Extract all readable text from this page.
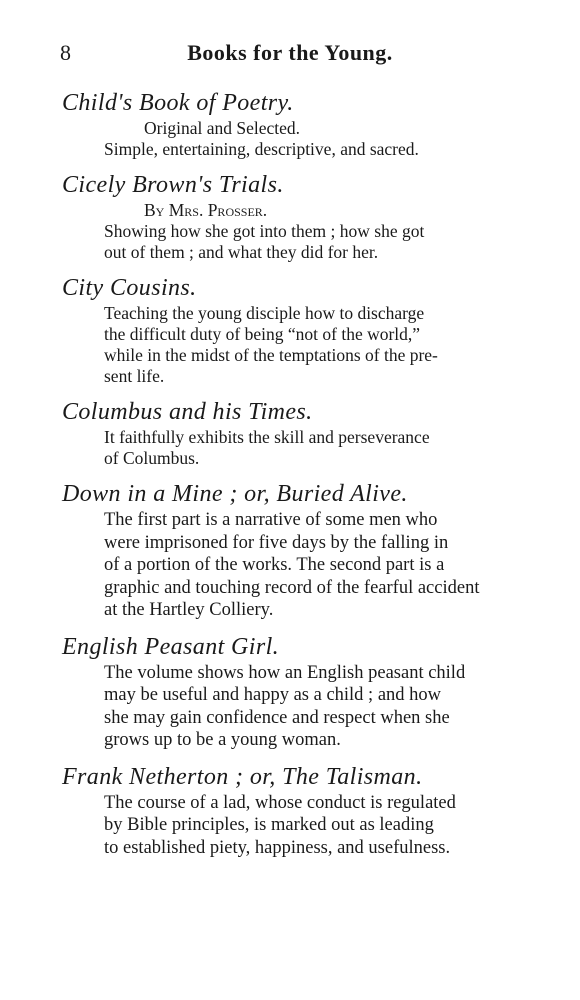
8	Books for the Young.
Child's Book of Poetry.
Original and Selected.
Simple, entertaining, descriptive, and sacred.
Cicely Brown's Trials.
By Mrs. Prosser.
Showing how she got into them ; how she got
out of them ; and what they did for her.
City Cousins.
Teaching the young disciple how to discharge
the difficult duty of being “not of the world,”
while in the midst of the temptations of the pre-
sent life.
Columbus and his Times.
It faithfully exhibits the skill and perseverance
of Columbus.
Down in a Mine ; or, Buried Alive.
The first part is a narrative of some men who
were imprisoned for five days by the falling in
of a portion of the works. The second part is a
graphic and touching record of the fearful accident
at the Hartley Colliery.
English Peasant Girl.
The volume shows how an English peasant child
may be useful and happy as a child ; and how
she may gain confidence and respect when she
grows up to be a young woman.
Frank Netherton ; or, The Talisman.
The course of a lad, whose conduct is regulated
by Bible principles, is marked out as leading
to established piety, happiness, and usefulness.
